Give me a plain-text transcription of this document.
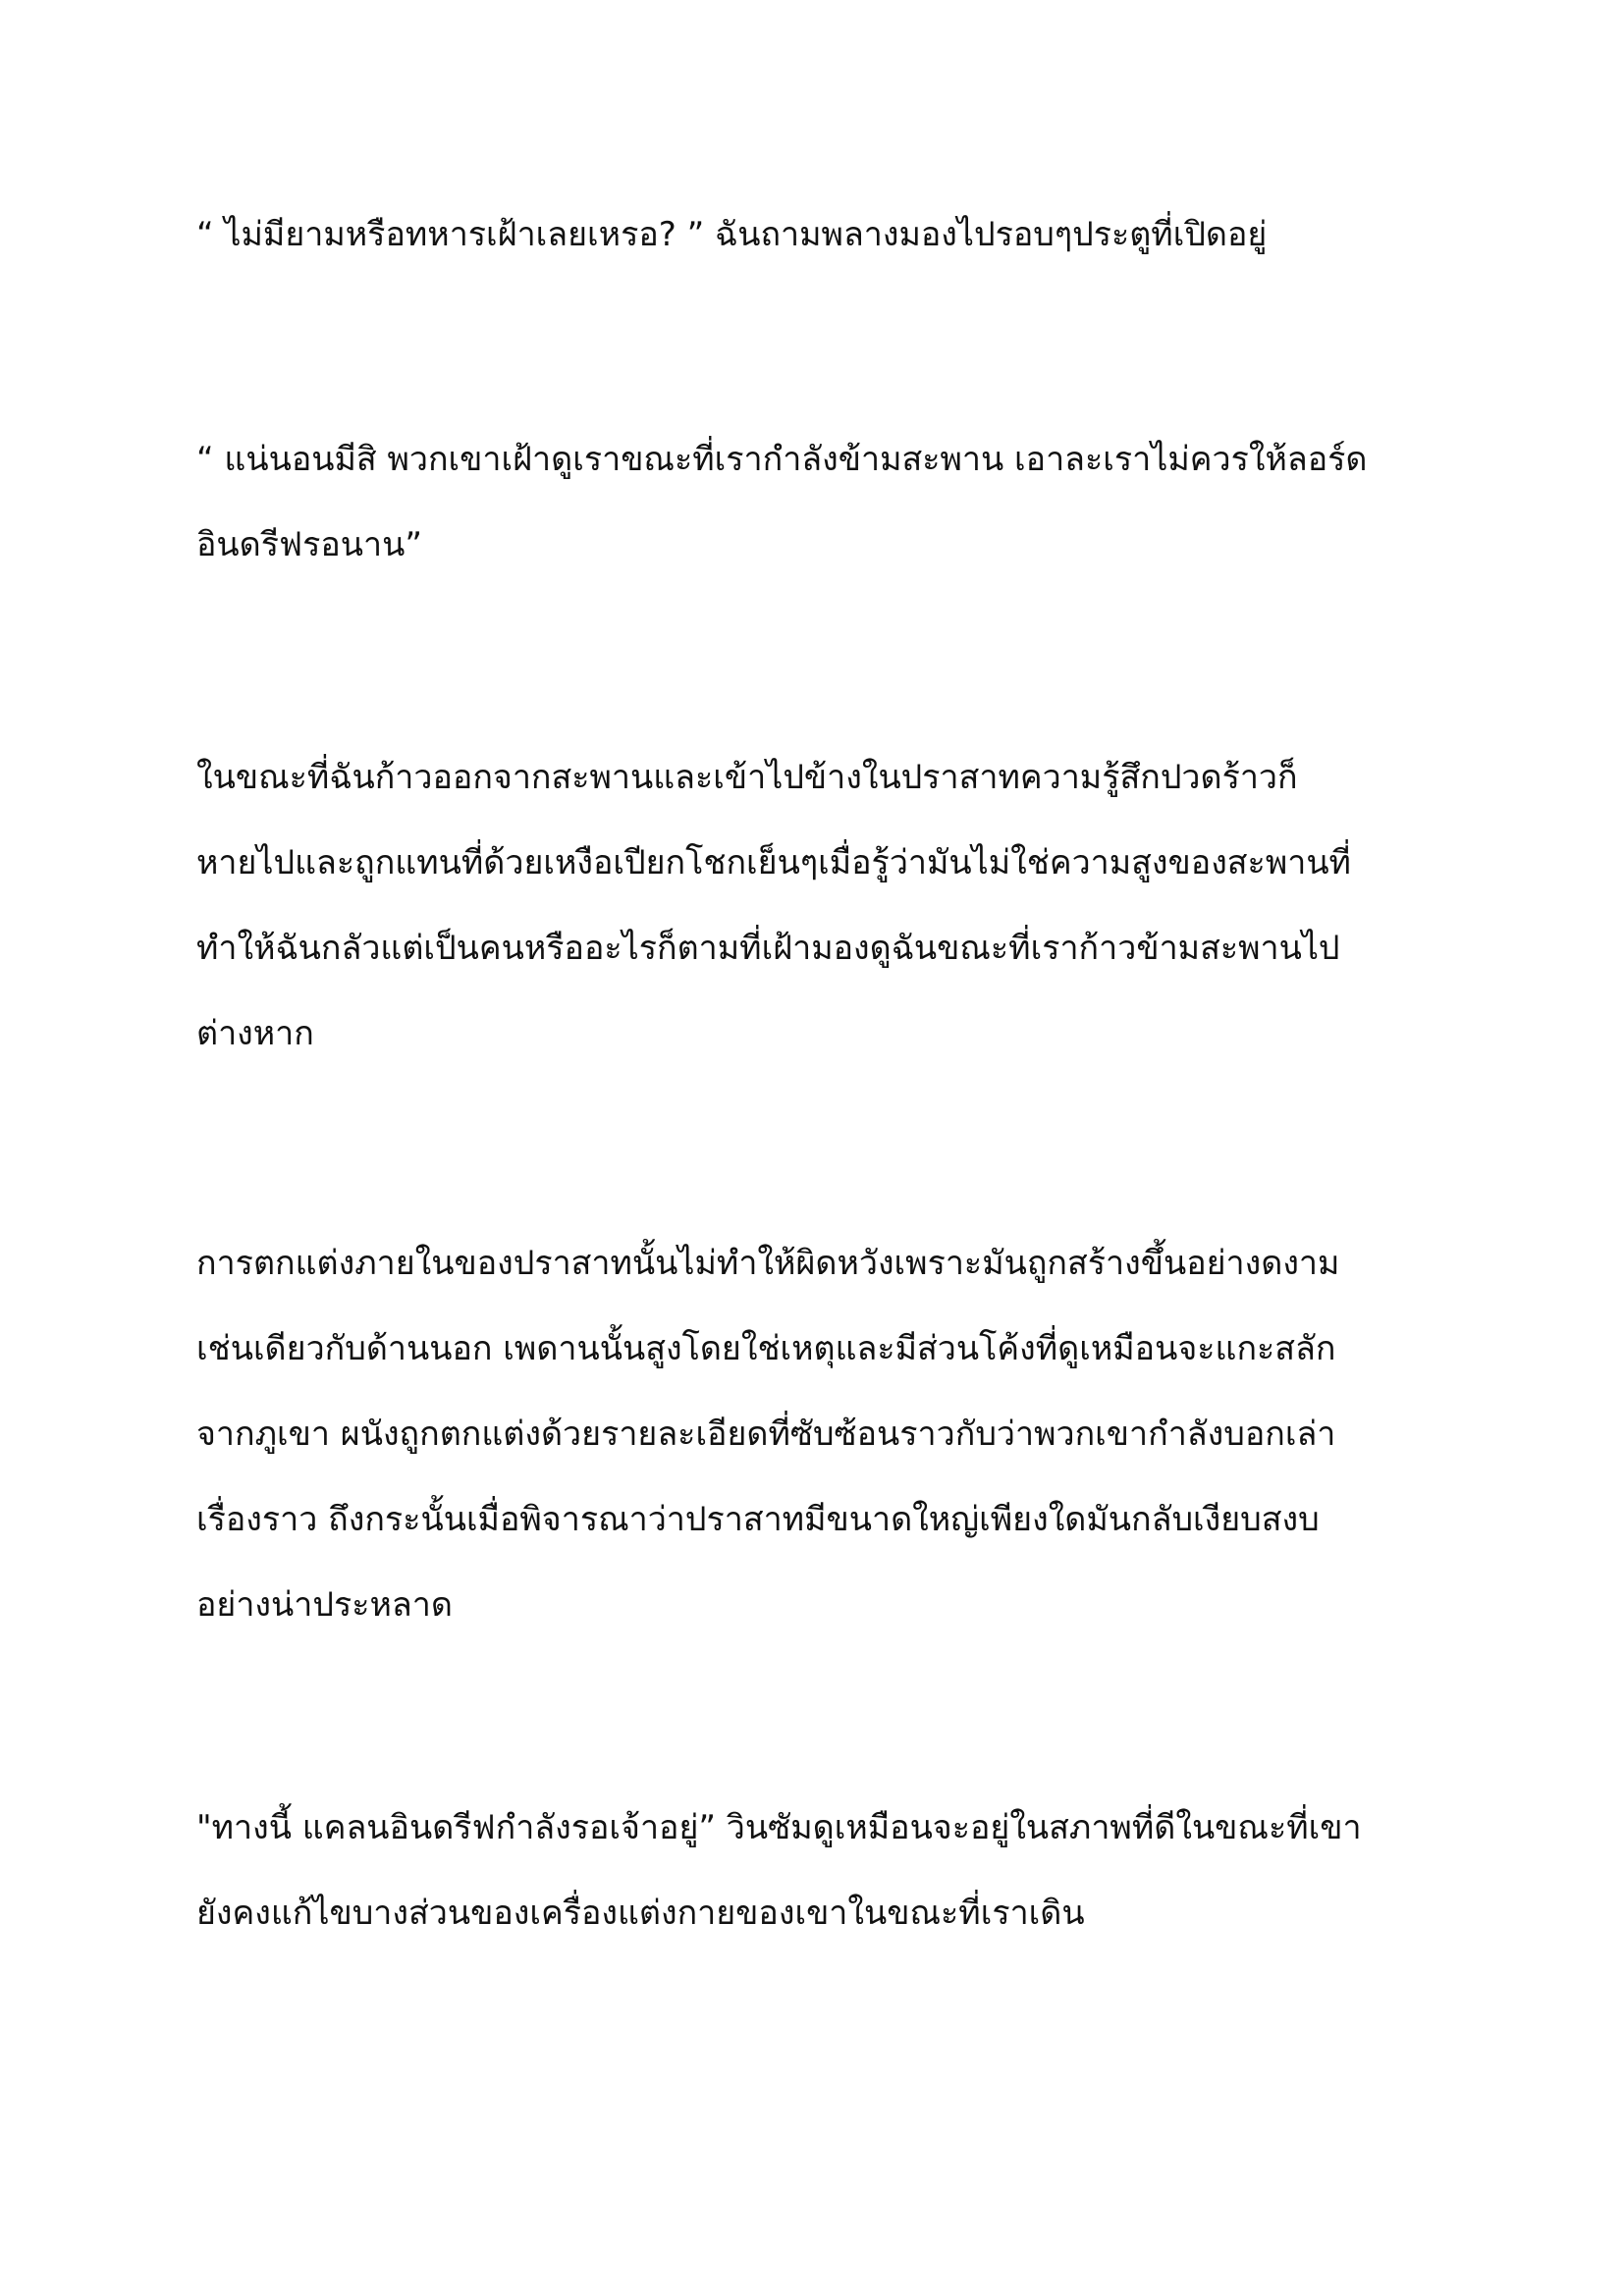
“ ไม่มียามหรือทหารเฝ้าเลยเหรอ? ” ฉันถามพลางมองไปรอบๆประตูที่เปิดอยู่

“ แน่นอนมีสิ พวกเขาเฝ้าดูเราขณะที่เรากำลังข้ามสะพาน เอาละเราไม่ควรให้ลอร์ด
อินดรีฟรอนาน”

ในขณะที่ฉันก้าวออกจากสะพานและเข้าไปข้างในปราสาทความรู้สึกปวดร้าวก็
หายไปและถูกแทนที่ด้วยเหงือเปียกโชกเย็นๆเมื่อรู้ว่ามันไม่ใช่ความสูงของสะพานที่
ทำให้ฉันกลัวแต่เป็นคนหรืออะไรก็ตามที่เฝ้ามองดูฉันขณะที่เราก้าวข้ามสะพานไป
ต่างหาก

การตกแต่งภายในของปราสาทนั้นไม่ทำให้ผิดหวังเพราะมันถูกสร้างขึ้นอย่างดงาม
เช่นเดียวกับด้านนอก เพดานนั้นสูงโดยใช่เหตุและมีส่วนโค้งที่ดูเหมือนจะแกะสลัก
จากภูเขา ผนังถูกตกแต่งด้วยรายละเอียดที่ซับซ้อนราวกับว่าพวกเขากำลังบอกเล่า
เรื่องราว ถึงกระนั้นเมื่อพิจารณาว่าปราสาทมีขนาดใหญ่เพียงใดมันกลับเงียบสงบ
อย่างน่าประหลาด

"ทางนี้ แคลนอินดรีฟกำลังรอเจ้าอยู่” วินซัมดูเหมือนจะอยู่ในสภาพที่ดีในขณะที่เขา
ยังคงแก้ไขบางส่วนของเครื่องแต่งกายของเขาในขณะที่เราเดิน
